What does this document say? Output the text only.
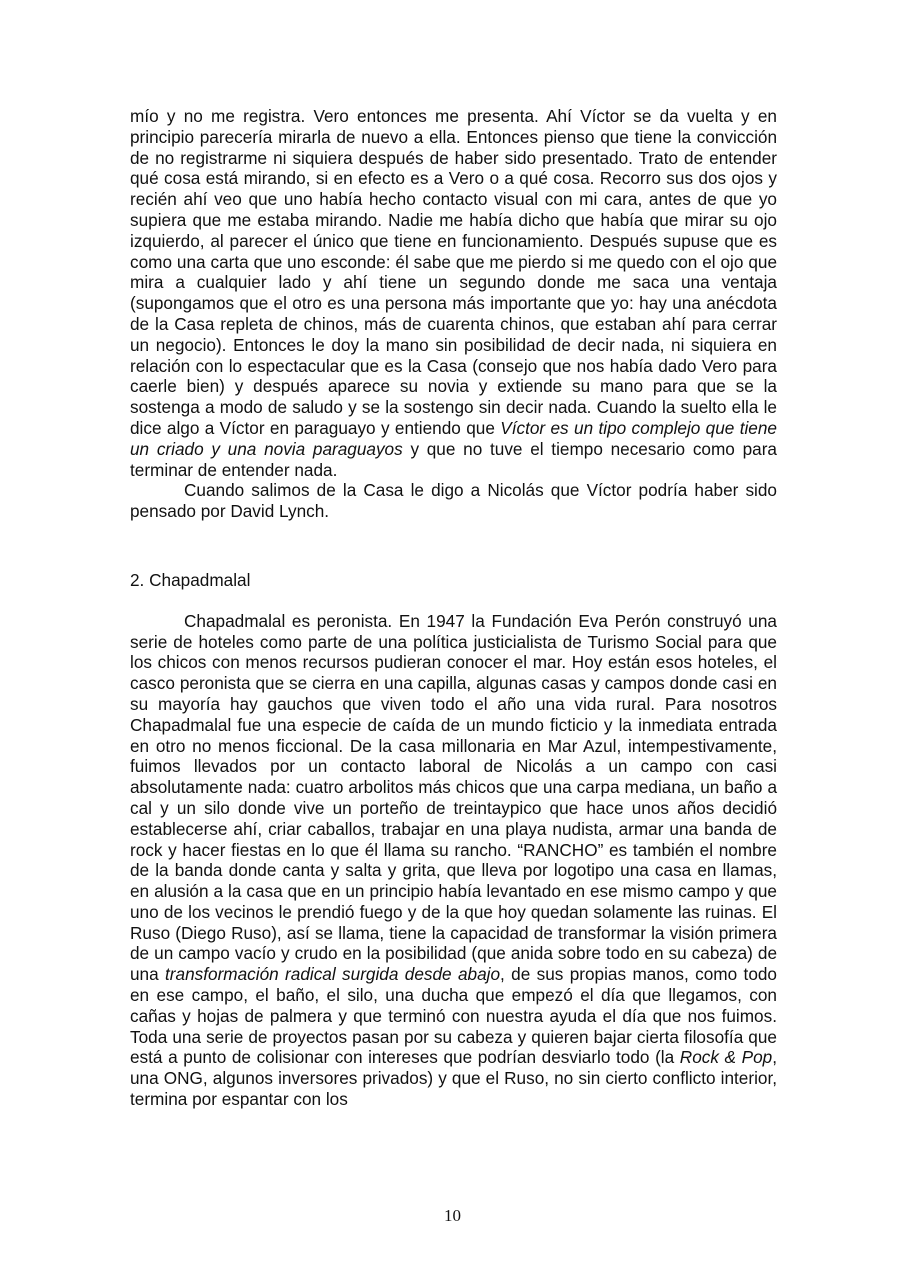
mío y no me registra. Vero entonces me presenta. Ahí Víctor se da vuelta y en principio parecería mirarla de nuevo a ella. Entonces pienso que tiene la convicción de no registrarme ni siquiera después de haber sido presentado. Trato de entender qué cosa está mirando, si en efecto es a Vero o a qué cosa. Recorro sus dos ojos y recién ahí veo que uno había hecho contacto visual con mi cara, antes de que yo supiera que me estaba mirando. Nadie me había dicho que había que mirar su ojo izquierdo, al parecer el único que tiene en funcionamiento. Después supuse que es como una carta que uno esconde: él sabe que me pierdo si me quedo con el ojo que mira a cualquier lado y ahí tiene un segundo donde me saca una ventaja (supongamos que el otro es una persona más importante que yo: hay una anécdota de la Casa repleta de chinos, más de cuarenta chinos, que estaban ahí para cerrar un negocio). Entonces le doy la mano sin posibilidad de decir nada, ni siquiera en relación con lo espectacular que es la Casa (consejo que nos había dado Vero para caerle bien) y después aparece su novia y extiende su mano para que se la sostenga a modo de saludo y se la sostengo sin decir nada. Cuando la suelto ella le dice algo a Víctor en paraguayo y entiendo que Víctor es un tipo complejo que tiene un criado y una novia paraguayos y que no tuve el tiempo necesario como para terminar de entender nada.

Cuando salimos de la Casa le digo a Nicolás que Víctor podría haber sido pensado por David Lynch.

2. Chapadmalal

Chapadmalal es peronista. En 1947 la Fundación Eva Perón construyó una serie de hoteles como parte de una política justicialista de Turismo Social para que los chicos con menos recursos pudieran conocer el mar. Hoy están esos hoteles, el casco peronista que se cierra en una capilla, algunas casas y campos donde casi en su mayoría hay gauchos que viven todo el año una vida rural. Para nosotros Chapadmalal fue una especie de caída de un mundo ficticio y la inmediata entrada en otro no menos ficcional. De la casa millonaria en Mar Azul, intempestivamente, fuimos llevados por un contacto laboral de Nicolás a un campo con casi absolutamente nada: cuatro arbolitos más chicos que una carpa mediana, un baño a cal y un silo donde vive un porteño de treintaypico que hace unos años decidió establecerse ahí, criar caballos, trabajar en una playa nudista, armar una banda de rock y hacer fiestas en lo que él llama su rancho. “RANCHO” es también el nombre de la banda donde canta y salta y grita, que lleva por logotipo una casa en llamas, en alusión a la casa que en un principio había levantado en ese mismo campo y que uno de los vecinos le prendió fuego y de la que hoy quedan solamente las ruinas. El Ruso (Diego Ruso), así se llama, tiene la capacidad de transformar la visión primera de un campo vacío y crudo en la posibilidad (que anida sobre todo en su cabeza) de una transformación radical surgida desde abajo, de sus propias manos, como todo en ese campo, el baño, el silo, una ducha que empezó el día que llegamos, con cañas y hojas de palmera y que terminó con nuestra ayuda el día que nos fuimos. Toda una serie de proyectos pasan por su cabeza y quieren bajar cierta filosofía que está a punto de colisionar con intereses que podrían desviarlo todo (la Rock & Pop, una ONG, algunos inversores privados) y que el Ruso, no sin cierto conflicto interior, termina por espantar con los

10
